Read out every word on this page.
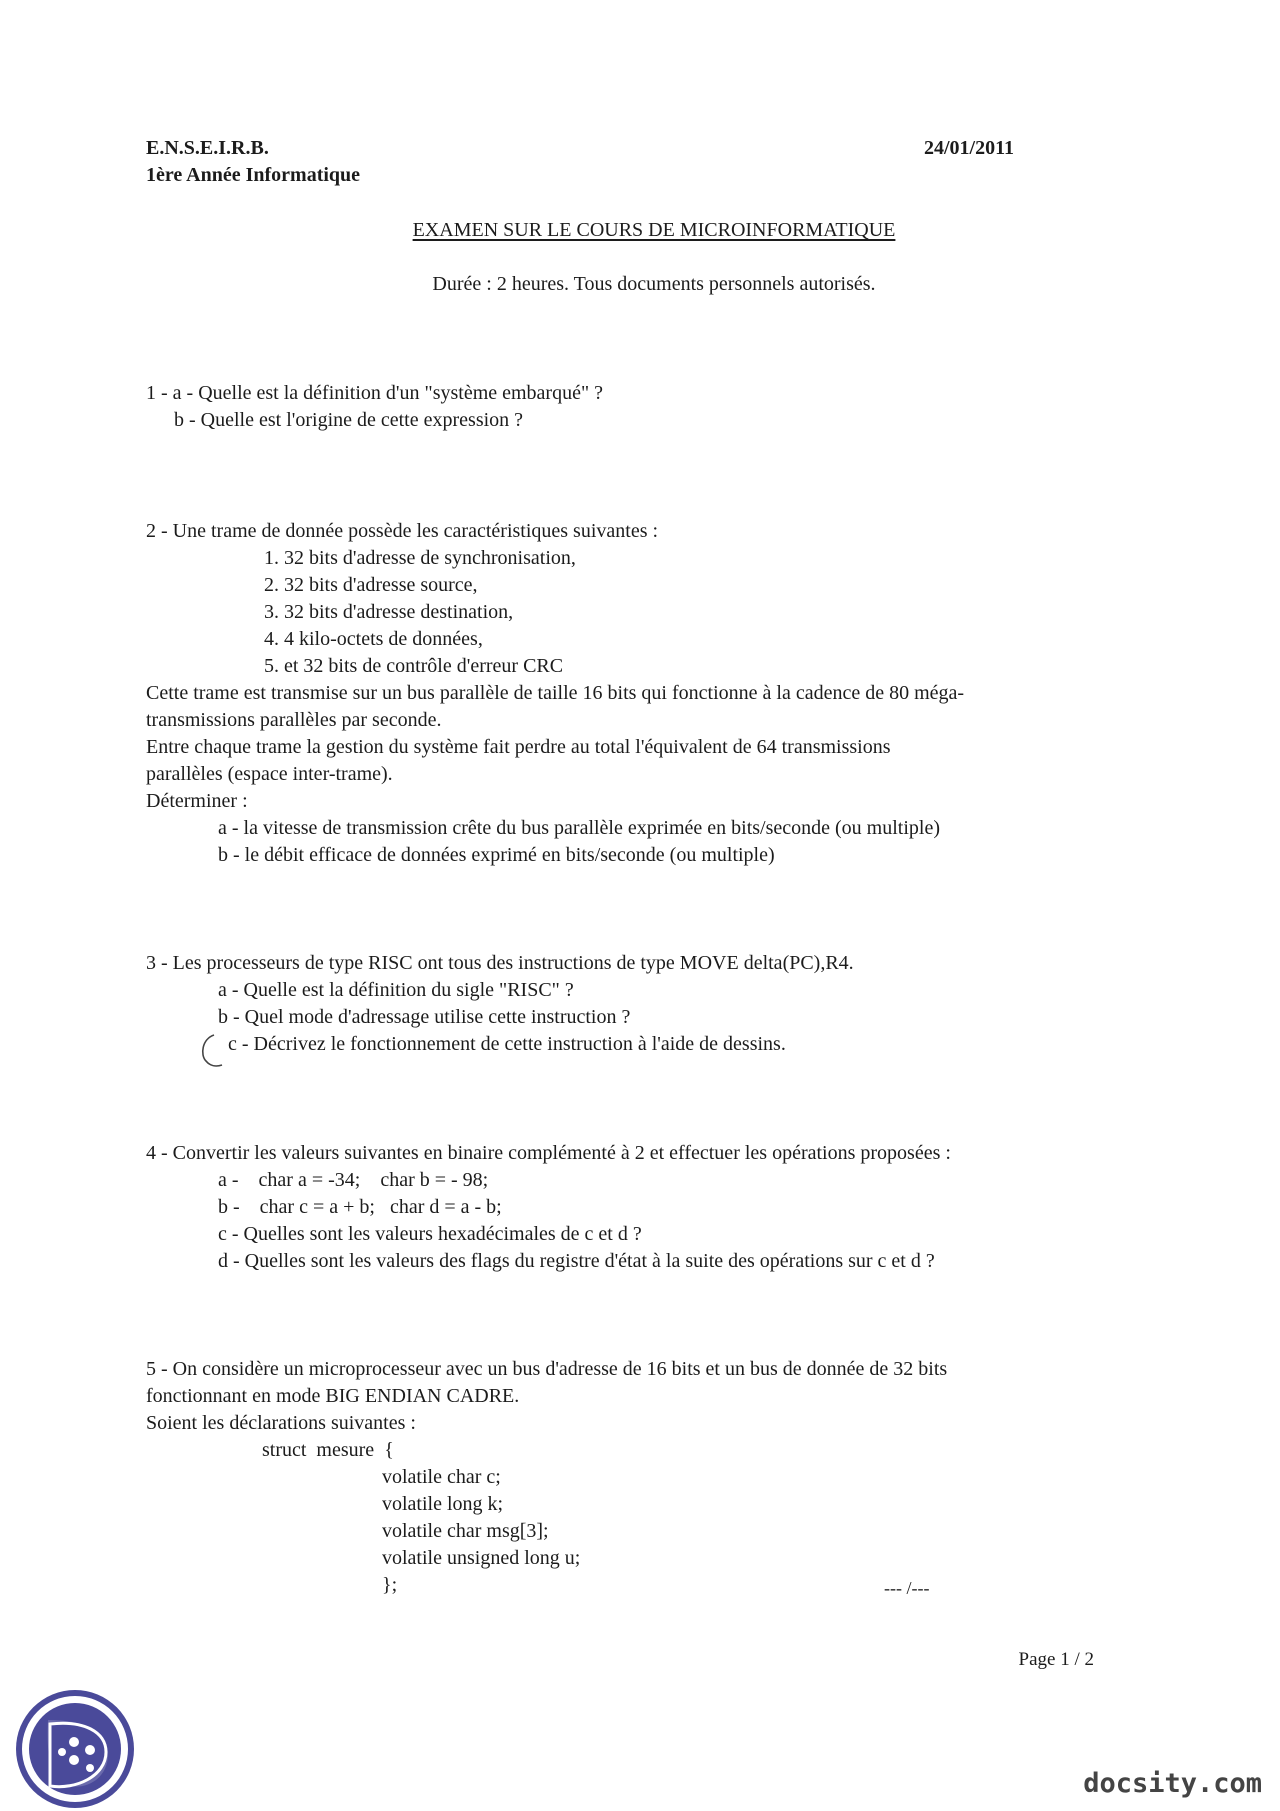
E.N.S.E.I.R.B.
1ère Année Informatique
24/01/2011
EXAMEN SUR LE COURS DE MICROINFORMATIQUE
Durée : 2 heures. Tous documents personnels autorisés.
1 - a - Quelle est la définition d'un "système embarqué" ?
b - Quelle est l'origine de cette expression ?
2 - Une trame de donnée possède les caractéristiques suivantes :
1. 32 bits d'adresse de synchronisation,
2. 32 bits d'adresse source,
3. 32 bits d'adresse destination,
4. 4 kilo-octets de données,
5. et 32 bits de contrôle d'erreur CRC
Cette trame est transmise sur un bus parallèle de taille 16 bits qui fonctionne à la cadence de 80 méga-
transmissions parallèles par seconde.
Entre chaque trame la gestion du système fait perdre au total l'équivalent de 64 transmissions
parallèles (espace inter-trame).
Déterminer :
a - la vitesse de transmission crête du bus parallèle exprimée en bits/seconde (ou multiple)
b - le débit efficace de données exprimé en bits/seconde (ou multiple)
3 - Les processeurs de type RISC ont tous des instructions de type MOVE delta(PC),R4.
a - Quelle est la définition du sigle "RISC" ?
b - Quel mode d'adressage utilise cette instruction ?
c - Décrivez le fonctionnement de cette instruction à l'aide de dessins.
4 - Convertir les valeurs suivantes en binaire complémenté à 2 et effectuer les opérations proposées :
a -    char a = -34;    char b = - 98;
b -    char c = a + b;   char d = a - b;
c - Quelles sont les valeurs hexadécimales de c et d ?
d - Quelles sont les valeurs des flags du registre d'état à la suite des opérations sur c et d ?
5 - On considère un microprocesseur avec un bus d'adresse de 16 bits et un bus de donnée de 32 bits
fonctionnant en mode BIG ENDIAN CADRE.
Soient les déclarations suivantes :
struct  mesure  {
volatile char c;
volatile long k;
volatile char msg[3];
volatile unsigned long u;
};	--- /---
Page 1 / 2
docsity.com
